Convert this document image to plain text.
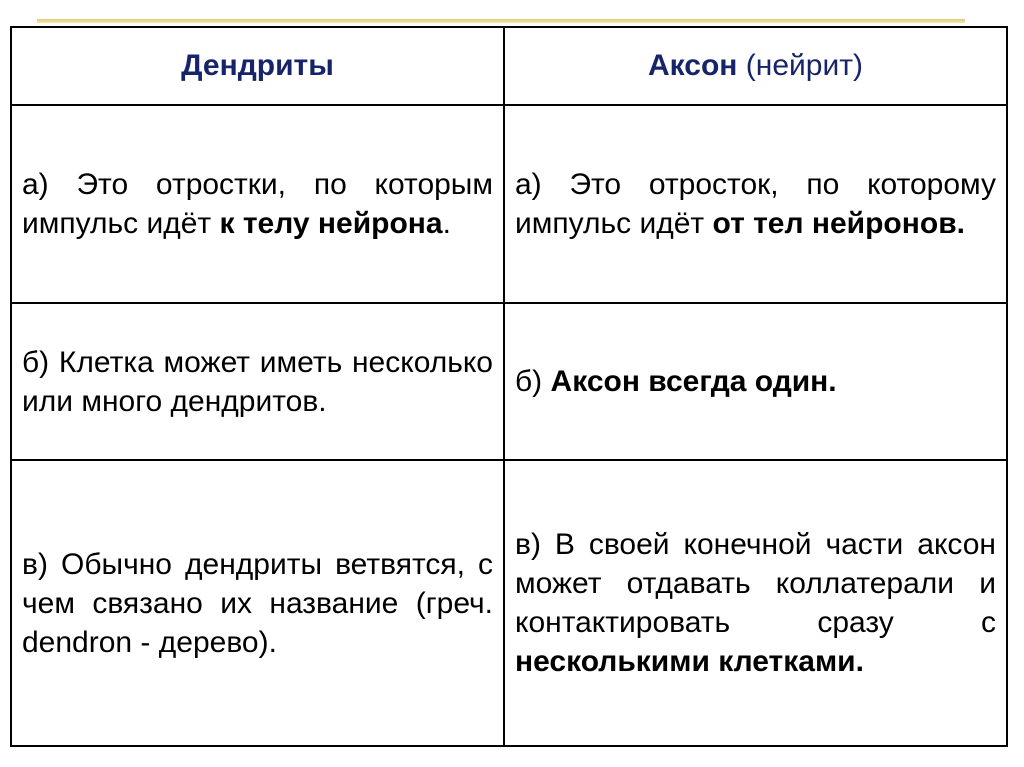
Дендриты	Аксон (нейрит)

а) Это отростки, по которым импульс идёт к телу нейрона.	а) Это отросток, по которому импульс идёт от тел нейронов.

б) Клетка может иметь несколько или много дендритов.	б) Аксон всегда один.

в) Обычно дендриты ветвятся, с чем связано их название (греч. dendron - дерево).	в) В своей конечной части аксон может отдавать коллатерали и контактировать сразу с несколькими клетками.
